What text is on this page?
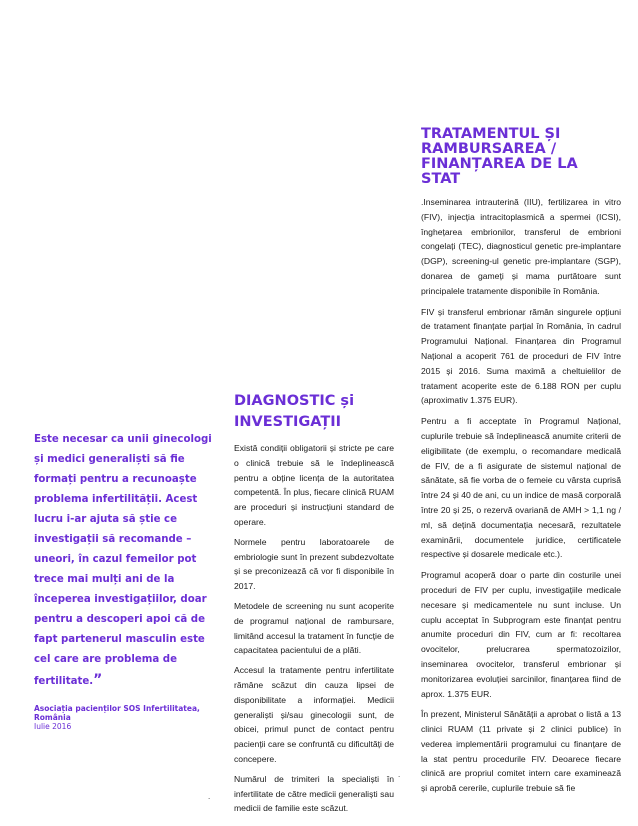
Este necesar ca unii ginecologi și medici generaliști să fie formați pentru a recunoaște problema infertilității. Acest lucru i-ar ajuta să știe ce investigații să recomande – uneori, în cazul femeilor pot trece mai mulți ani de la începerea investigațiilor, doar pentru a descoperi apoi că de fapt partenerul masculin este cel care are problema de fertilitate.”

Asociația pacienților SOS Infertilitatea,
România
Iulie 2016
DIAGNOSTIC și
INVESTIGAȚII

Există condiții obligatorii și stricte pe care o clinică trebuie să le îndeplinească pentru a obține licența de la autoritatea competentă. În plus, fiecare clinică RUAM are proceduri și instrucțiuni standard de operare.

Normele pentru laboratoarele de embriologie sunt în prezent subdezvoltate și se preconizează că vor fi disponibile în 2017.

Metodele de screening nu sunt acoperite de programul național de rambursare, limitând accesul la tratament în funcție de capacitatea pacientului de a plăti.

Accesul la tratamente pentru infertilitate rămâne scăzut din cauza lipsei de disponibilitate a informației. Medicii generaliști și/sau ginecologii sunt, de obicei, primul punct de contact pentru pacienții care se confruntă cu dificultăți de concepere.

Numărul de trimiteri la specialiști în infertilitate de către medicii generaliști sau medicii de familie este scăzut.

TRATAMENTUL ȘI
RAMBURSAREA /
FINANȚAREA DE LA STAT

.Inseminarea intrauterină (IIU), fertilizarea in vitro (FIV), injecția intracitoplasmică a spermei (ICSI), înghețarea embrionilor, transferul de embrioni congelați (TEC), diagnosticul genetic pre-implantare (DGP), screening-ul genetic pre-implantare (SGP), donarea de gameți și mama purtătoare sunt principalele tratamente disponibile în România.

FIV și transferul embrionar rămân singurele opțiuni de tratament finanțate parțial în România, în cadrul Programului Național. Finanțarea din Programul Național a acoperit 761 de proceduri de FIV între 2015 și 2016. Suma maximă a cheltuielilor de tratament acoperite este de 6.188 RON per cuplu (aproximativ 1.375 EUR).

Pentru a fi acceptate în Programul Național, cuplurile trebuie să îndeplinească anumite criterii de eligibilitate (de exemplu, o recomandare medicală de FIV, de a fi asigurate de sistemul național de sănătate, să fie vorba de o femeie cu vârsta cuprisă între 24 și 40 de ani, cu un indice de masă corporală între 20 și 25, o rezervă ovariană de AMH > 1,1 ng / ml, să dețină documentația necesară, rezultatele examinării, documentele juridice, certificatele respective și dosarele medicale etc.).

Programul acoperă doar o parte din costurile unei proceduri de FIV per cuplu, investigațiile medicale necesare și medicamentele nu sunt incluse. Un cuplu acceptat în Subprogram este finanțat pentru anumite proceduri din FIV, cum ar fi: recoltarea ovocitelor, prelucrarea spermatozoizilor, inseminarea ovocitelor, transferul embrionar și monitorizarea evoluției sarcinilor, finanțarea fiind de aprox. 1.375 EUR.

În prezent, Ministerul Sănătății a aprobat o listă a 13 clinici RUAM (11 private și 2 clinici publice) în vederea implementării programului cu finanțare de la stat pentru procedurile FIV. Deoarece fiecare clinică are propriul comitet intern care examinează și aprobă cererile, cuplurile trebuie să fie

.
.
